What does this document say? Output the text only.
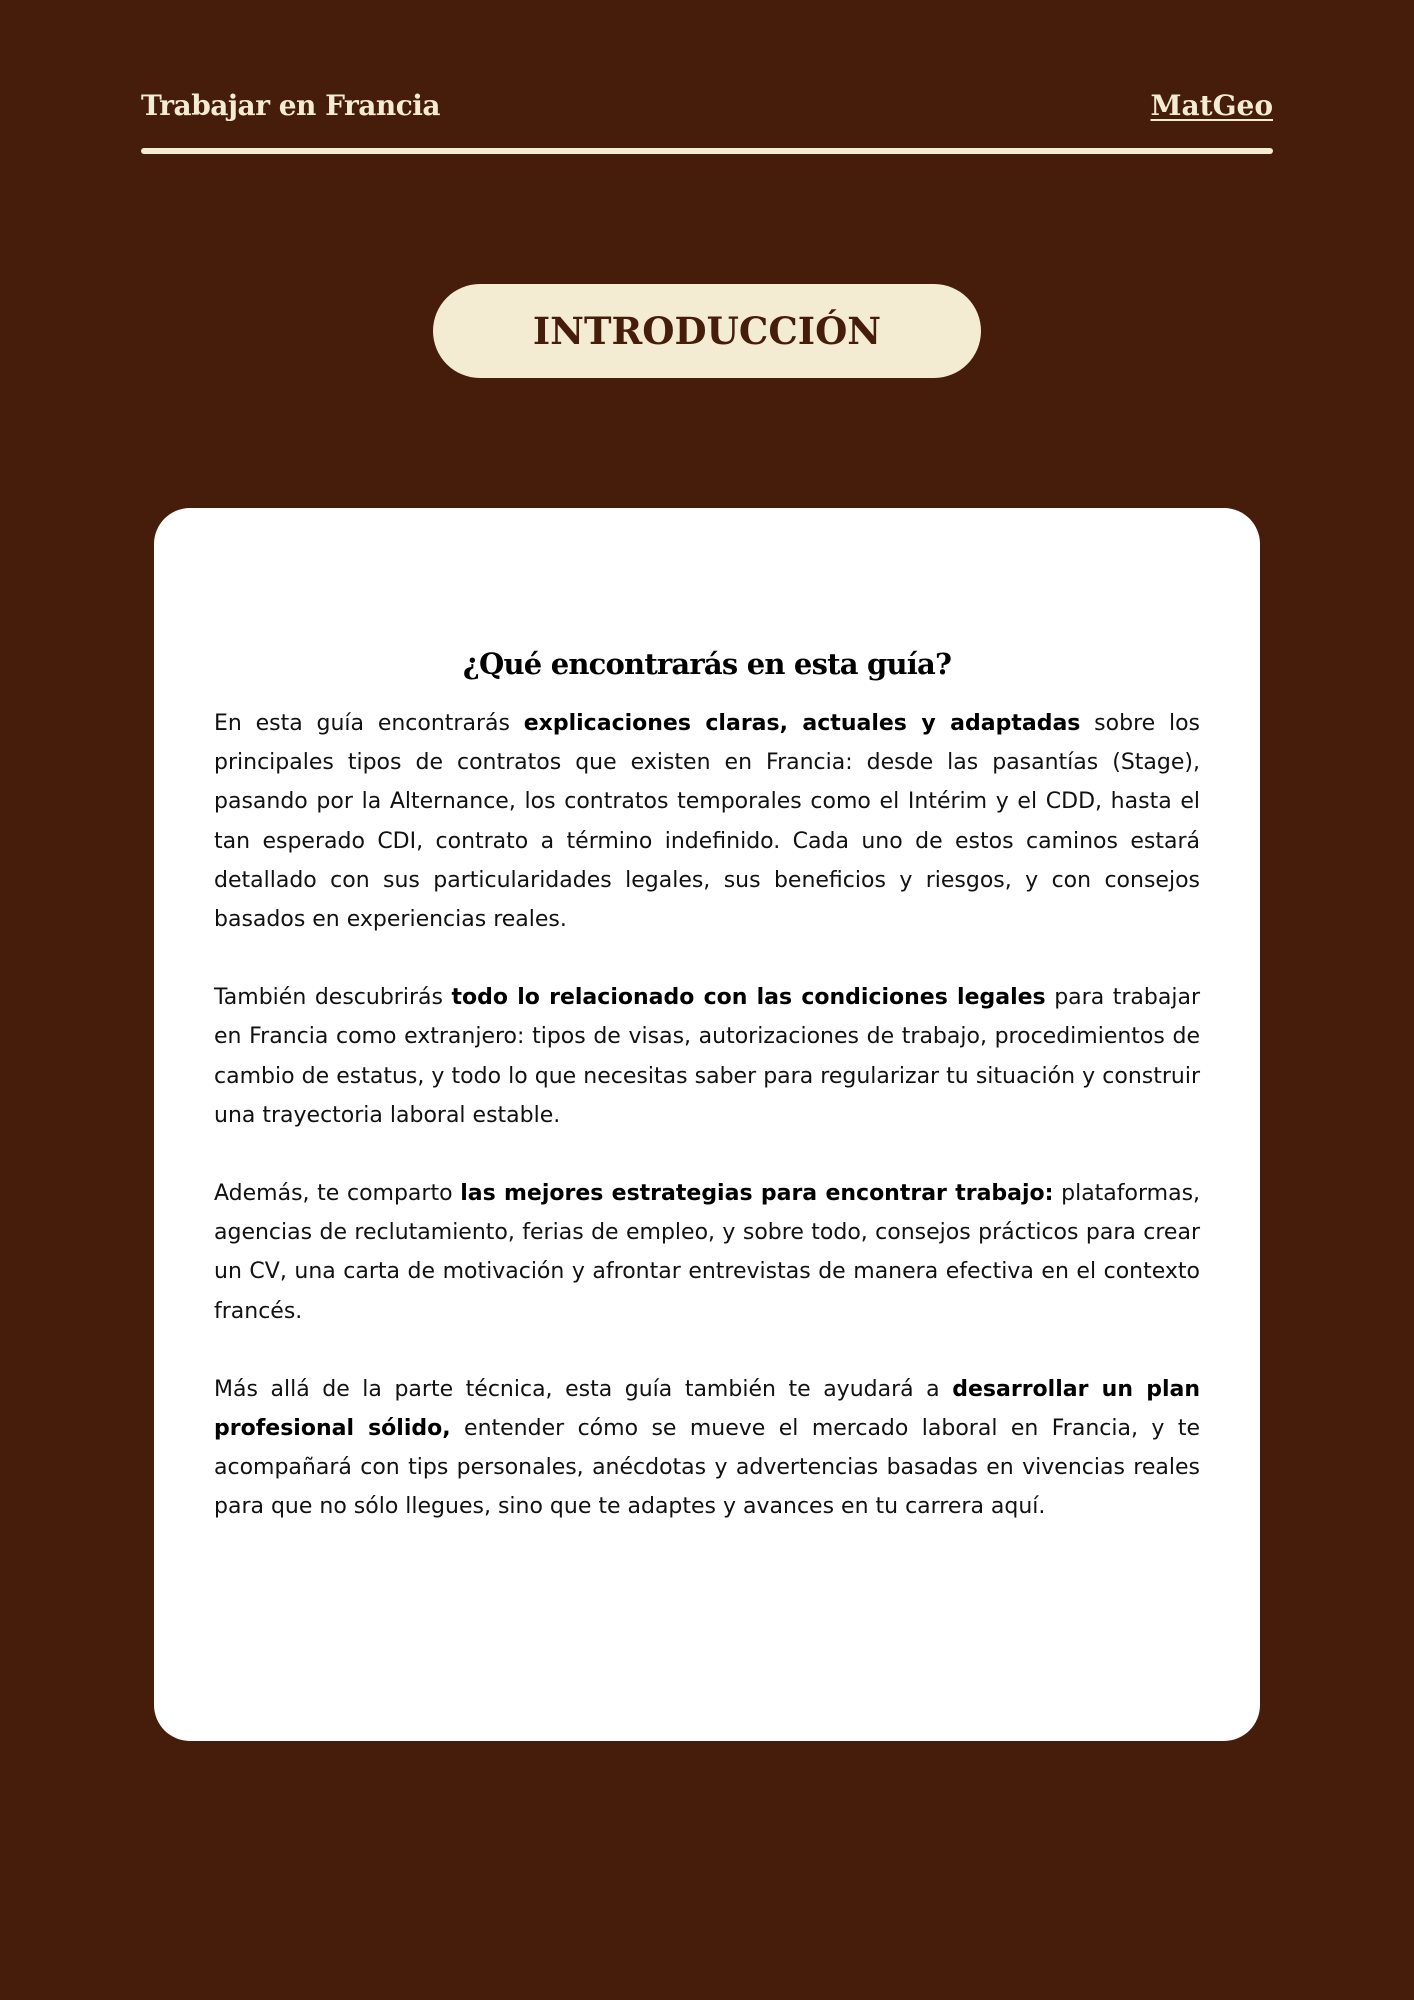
Trabajar en Francia	MatGeo
INTRODUCCIÓN
¿Qué encontrarás en esta guía?

En esta guía encontrarás explicaciones claras, actuales y adaptadas sobre los principales tipos de contratos que existen en Francia: desde las pasantías (Stage), pasando por la Alternance, los contratos temporales como el Intérim y el CDD, hasta el tan esperado CDI, contrato a término indefinido. Cada uno de estos caminos estará detallado con sus particularidades legales, sus beneficios y riesgos, y con consejos basados en experiencias reales.

También descubrirás todo lo relacionado con las condiciones legales para trabajar en Francia como extranjero: tipos de visas, autorizaciones de trabajo, procedimientos de cambio de estatus, y todo lo que necesitas saber para regularizar tu situación y construir una trayectoria laboral estable.

Además, te comparto las mejores estrategias para encontrar trabajo: plataformas, agencias de reclutamiento, ferias de empleo, y sobre todo, consejos prácticos para crear un CV, una carta de motivación y afrontar entrevistas de manera efectiva en el contexto francés.

Más allá de la parte técnica, esta guía también te ayudará a desarrollar un plan profesional sólido, entender cómo se mueve el mercado laboral en Francia, y te acompañará con tips personales, anécdotas y advertencias basadas en vivencias reales para que no sólo llegues, sino que te adaptes y avances en tu carrera aquí.
